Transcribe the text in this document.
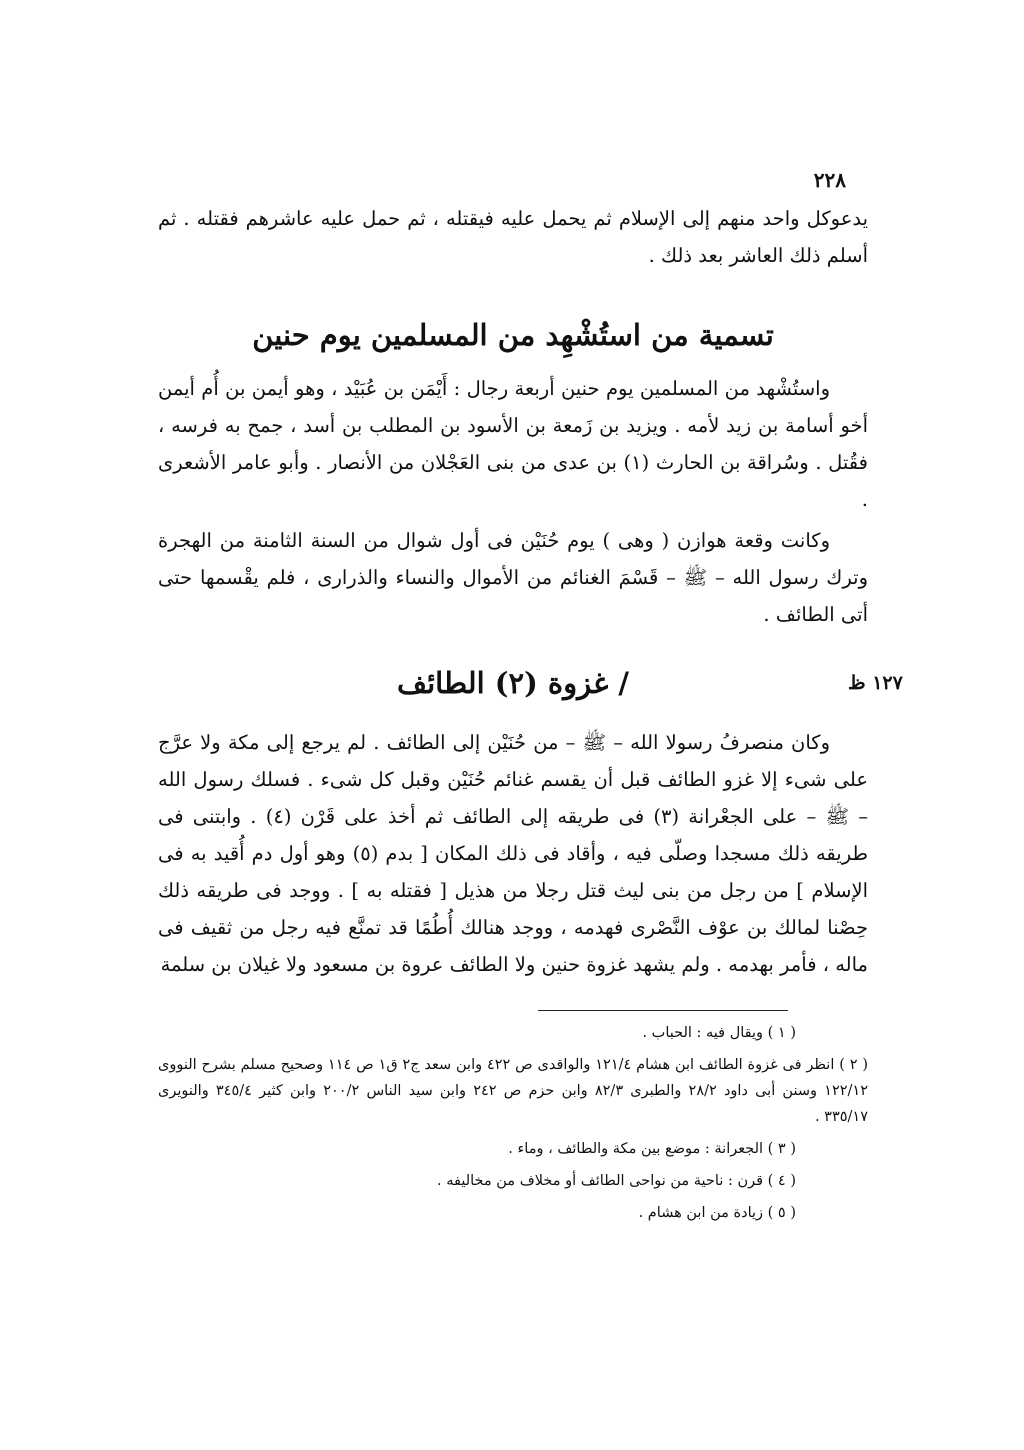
٢٢٨

يدعوكل واحد منهم إلى الإسلام ثم يحمل عليه فيقتله ، ثم حمل عليه عاشرهم فقتله . ثم أسلم ذلك العاشر بعد ذلك .

تسمية من استُشْهِد من المسلمين يوم حنين

واستُشْهد من المسلمين يوم حنين أربعة رجال : أَيْمَن بن عُبَيْد ، وهو أيمن بن أُم أيمن أخو أسامة بن زيد لأمه . ويزيد بن زَمعة بن الأسود بن المطلب بن أسد ، جمح به فرسه ، فقُتل . وسُراقة بن الحارث (١) بن عدى من بنى العَجْلان من الأنصار . وأبو عامر الأشعرى .

وكانت وقعة هوازن ( وهى ) يوم حُنَيْن فى أول شوال من السنة الثامنة من الهجرة وترك رسول الله – ﷺ – قَسْمَ الغنائم من الأموال والنساء والذرارى ، فلم يقْسمها حتى أتى الطائف .

١٢٧ ظ
/ غزوة (٢) الطائف

وكان منصرفُ رسولا الله – ﷺ – من حُنَيْن إلى الطائف . لم يرجع إلى مكة ولا عرَّج على شىء إلا غزو الطائف قبل أن يقسم غنائم حُنَيْن وقبل كل شىء . فسلك رسول الله – ﷺ – على الجعْرانة (٣) فى طريقه إلى الطائف ثم أخذ على قَرْن (٤) . وابتنى فى طريقه ذلك مسجدا وصلّى فيه ، وأقاد فى ذلك المكان [ بدم (٥) وهو أول دم أُقيد به فى الإسلام ] من رجل من بنى ليث قتل رجلا من هذيل [ فقتله به ] . ووجد فى طريقه ذلك حِصْنا لمالك بن عوْف النَّصْرى فهدمه ، ووجد هنالك أُطُمًا قد تمنَّع فيه رجل من ثقيف فى ماله ، فأمر بهدمه . ولم يشهد غزوة حنين ولا الطائف عروة بن مسعود ولا غيلان بن سلمة

( ١ ) ويقال فيه : الحباب .

( ٢ ) انظر فى غزوة الطائف ابن هشام ١٢١/٤ والواقدى ص ٤٢٢ وابن سعد ج٢ ق١ ص ١١٤ وصحيح مسلم بشرح النووى ١٢٢/١٢ وسنن أبى داود ٢٨/٢ والطبرى ٨٢/٣ وابن حزم ص ٢٤٢ وابن سيد الناس ٢٠٠/٢ وابن كثير ٣٤٥/٤ والنويرى ٣٣٥/١٧ .

( ٣ ) الجعرانة : موضع بين مكة والطائف ، وماء .

( ٤ ) قرن : ناحية من نواحى الطائف أو مخلاف من مخاليفه .

( ٥ ) زيادة من ابن هشام .
